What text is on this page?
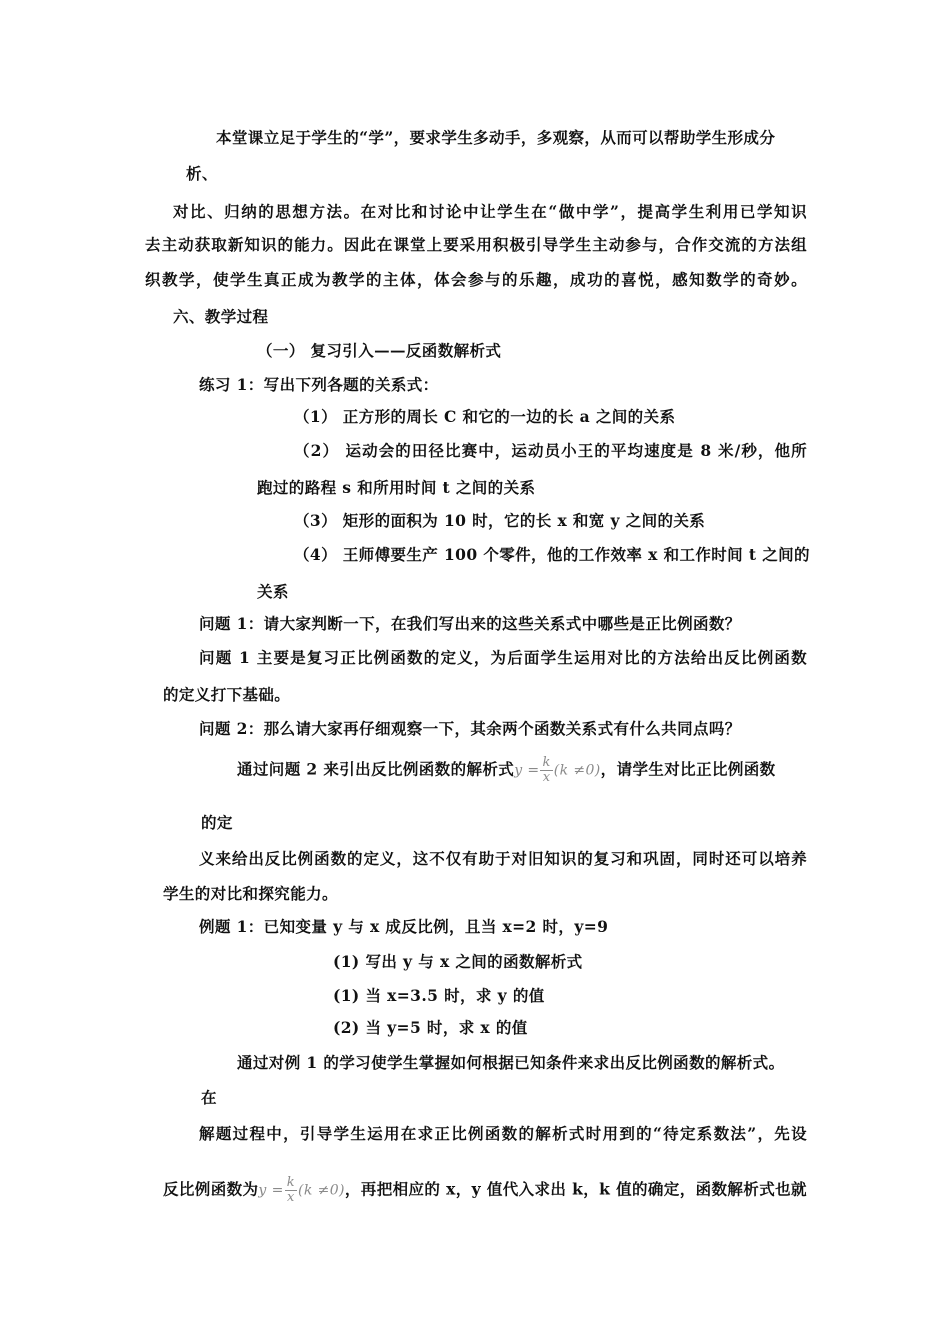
本堂课立足于学生的“学”，要求学生多动手，多观察，从而可以帮助学生形成分
析、
对比、归纳的思想方法。在对比和讨论中让学生在“做中学”，提高学生利用已学知识
去主动获取新知识的能力。因此在课堂上要采用积极引导学生主动参与，合作交流的方法组
织教学，使学生真正成为教学的主体，体会参与的乐趣，成功的喜悦，感知数学的奇妙。
六、教学过程
（一） 复习引入——反函数解析式
练习 1：写出下列各题的关系式：
（1） 正方形的周长 C 和它的一边的长 a 之间的关系
（2） 运动会的田径比赛中，运动员小王的平均速度是 8 米/秒，他所
跑过的路程 s 和所用时间 t 之间的关系
（3） 矩形的面积为 10 时，它的长 x 和宽 y 之间的关系
（4） 王师傅要生产 100 个零件，他的工作效率 x 和工作时间 t 之间的
关系
问题 1：请大家判断一下，在我们写出来的这些关系式中哪些是正比例函数？
问题 1 主要是复习正比例函数的定义，为后面学生运用对比的方法给出反比例函数
的定义打下基础。
问题 2：那么请大家再仔细观察一下，其余两个函数关系式有什么共同点吗？
通过问题 2 来引出反比例函数的解析式$y = \frac{k}{x} (k \ne 0)$，请学生对比正比例函数
的定
义来给出反比例函数的定义，这不仅有助于对旧知识的复习和巩固，同时还可以培养
学生的对比和探究能力。
例题 1：已知变量 y 与 x 成反比例，且当 x=2 时，y=9
(1) 写出 y 与 x 之间的函数解析式
(1) 当 x=3.5 时，求 y 的值
(2) 当 y=5 时，求 x 的值
通过对例 1 的学习使学生掌握如何根据已知条件来求出反比例函数的解析式。
在
解题过程中，引导学生运用在求正比例函数的解析式时用到的“待定系数法”，先设
反比例函数为$y = \frac{k}{x} (k \ne 0)$，再把相应的 x，y 值代入求出 k，k 值的确定，函数解析式也就
